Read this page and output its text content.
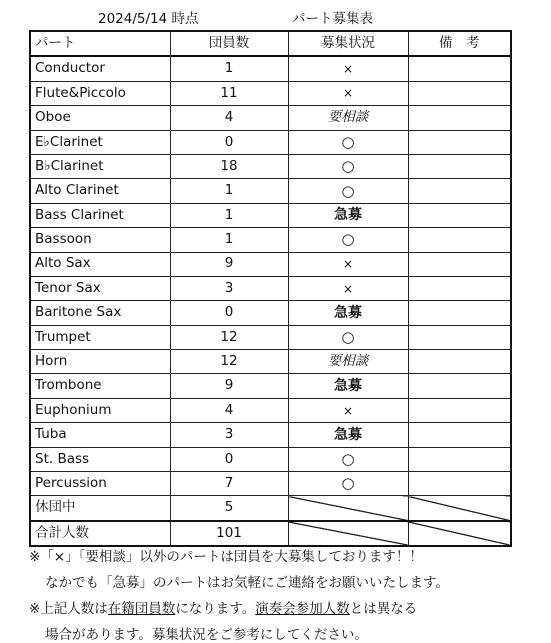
2024/5/14 時点	パート募集表
パート	団員数	募集状況	備　考
Conductor	1	×	
Flute&Piccolo	11	×	
Oboe	4	要相談	
E♭Clarinet	0	○	
B♭Clarinet	18	○	
Alto Clarinet	1	○	
Bass Clarinet	1	急募	
Bassoon	1	○	
Alto Sax	9	×	
Tenor Sax	3	×	
Baritone Sax	0	急募	
Trumpet	12	○	
Horn	12	要相談	
Trombone	9	急募	
Euphonium	4	×	
Tuba	3	急募	
St. Bass	0	○	
Percussion	7	○	
休団中	5		
合計人数	101		
※「×」「要相談」以外のパートは団員を大募集しております！！
なかでも「急募」のパートはお気軽にご連絡をお願いいたします。
※上記人数は在籍団員数になります。演奏会参加人数とは異なる
場合があります。募集状況をご参考にしてください。
